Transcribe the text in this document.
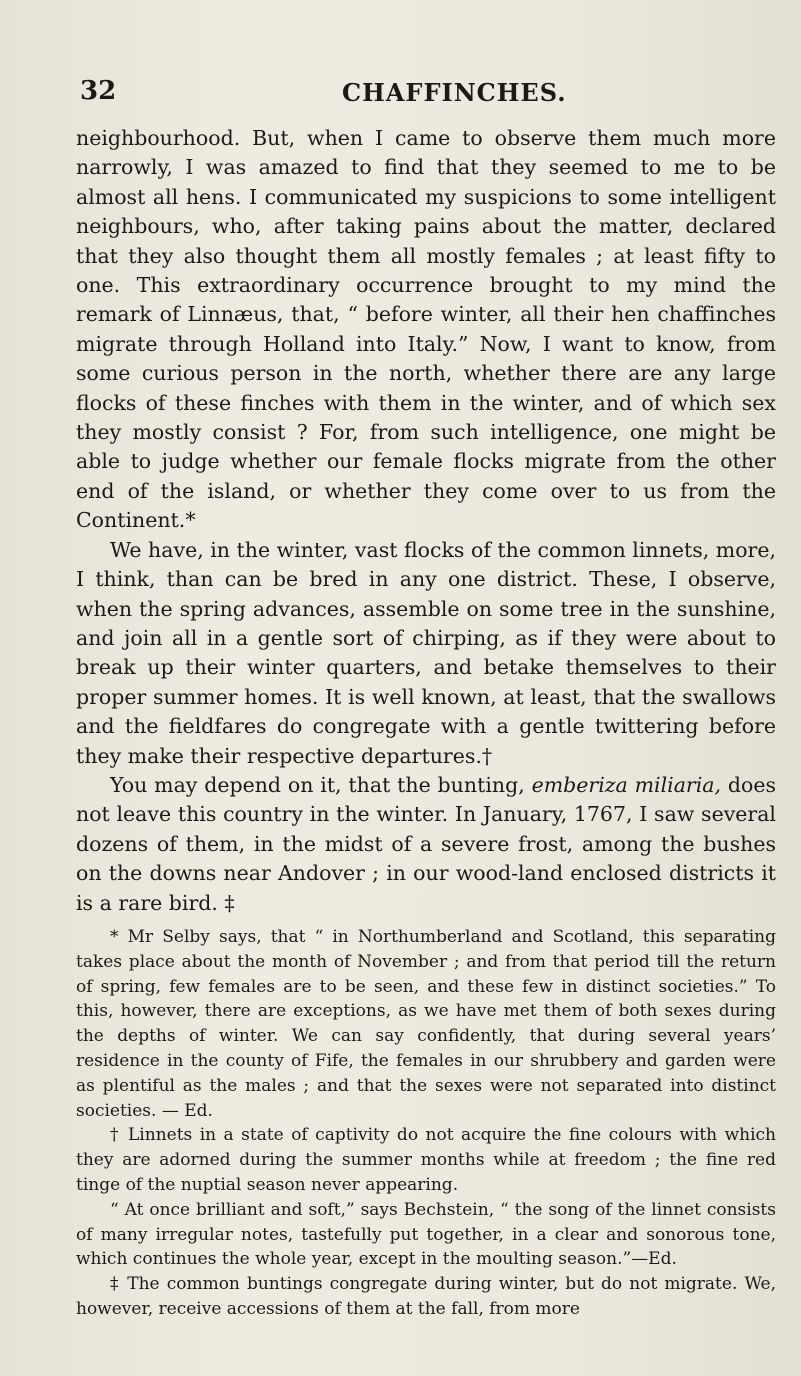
32	CHAFFINCHES.

neighbourhood. But, when I came to observe them much more narrowly, I was amazed to find that they seemed to me to be almost all hens. I communicated my suspicions to some intelligent neighbours, who, after taking pains about the matter, declared that they also thought them all mostly females ; at least fifty to one. This extraordinary occurrence brought to my mind the remark of Linnæus, that, “ before winter, all their hen chaffinches migrate through Holland into Italy.” Now, I want to know, from some curious person in the north, whether there are any large flocks of these finches with them in the winter, and of which sex they mostly consist ? For, from such intelligence, one might be able to judge whether our female flocks migrate from the other end of the island, or whether they come over to us from the Continent.*

We have, in the winter, vast flocks of the common linnets, more, I think, than can be bred in any one district. These, I observe, when the spring advances, assemble on some tree in the sunshine, and join all in a gentle sort of chirping, as if they were about to break up their winter quarters, and betake themselves to their proper summer homes. It is well known, at least, that the swallows and the fieldfares do congregate with a gentle twittering before they make their respective departures.†

You may depend on it, that the bunting, emberiza miliaria, does not leave this country in the winter. In January, 1767, I saw several dozens of them, in the midst of a severe frost, among the bushes on the downs near Andover ; in our wood-land enclosed districts it is a rare bird. ‡

* Mr Selby says, that “ in Northumberland and Scotland, this separating takes place about the month of November ; and from that period till the return of spring, few females are to be seen, and these few in distinct societies.” To this, however, there are exceptions, as we have met them of both sexes during the depths of winter. We can say confidently, that during several years’ residence in the county of Fife, the females in our shrubbery and garden were as plentiful as the males ; and that the sexes were not separated into distinct societies. — Ed.

† Linnets in a state of captivity do not acquire the fine colours with which they are adorned during the summer months while at freedom ; the fine red tinge of the nuptial season never appearing.

“ At once brilliant and soft,” says Bechstein, “ the song of the linnet consists of many irregular notes, tastefully put together, in a clear and sonorous tone, which continues the whole year, except in the moulting season.”—Ed.

‡ The common buntings congregate during winter, but do not migrate. We, however, receive accessions of them at the fall, from more
